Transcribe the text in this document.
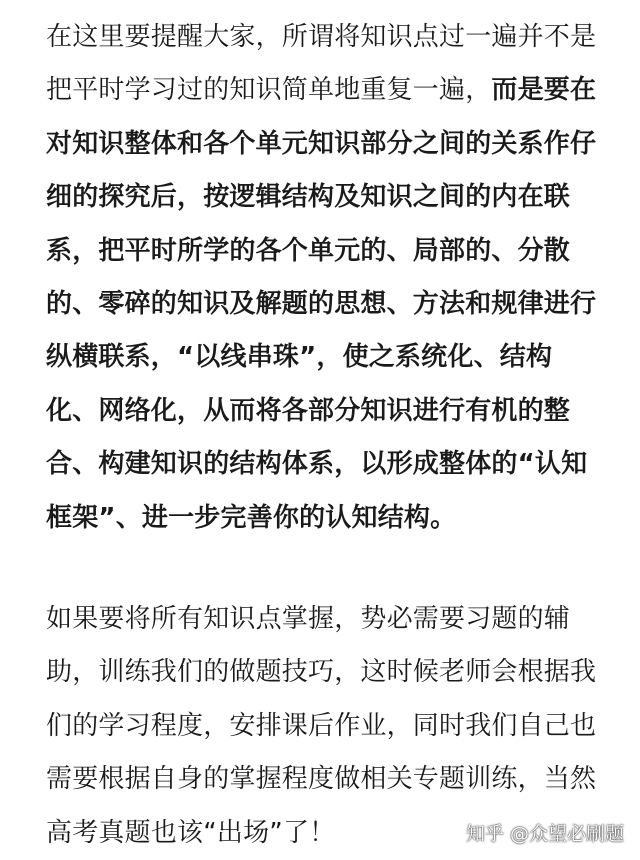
在这里要提醒大家，所谓将知识点过一遍并不是把平时学习过的知识简单地重复一遍，而是要在对知识整体和各个单元知识部分之间的关系作仔细的探究后，按逻辑结构及知识之间的内在联系，把平时所学的各个单元的、局部的、分散的、零碎的知识及解题的思想、方法和规律进行纵横联系，“以线串珠”，使之系统化、结构化、网络化，从而将各部分知识进行有机的整合、构建知识的结构体系，以形成整体的“认知框架”、进一步完善你的认知结构。

如果要将所有知识点掌握，势必需要习题的辅助，训练我们的做题技巧，这时候老师会根据我们的学习程度，安排课后作业，同时我们自己也需要根据自身的掌握程度做相关专题训练，当然高考真题也该“出场”了！	知乎 @众望必刷题
